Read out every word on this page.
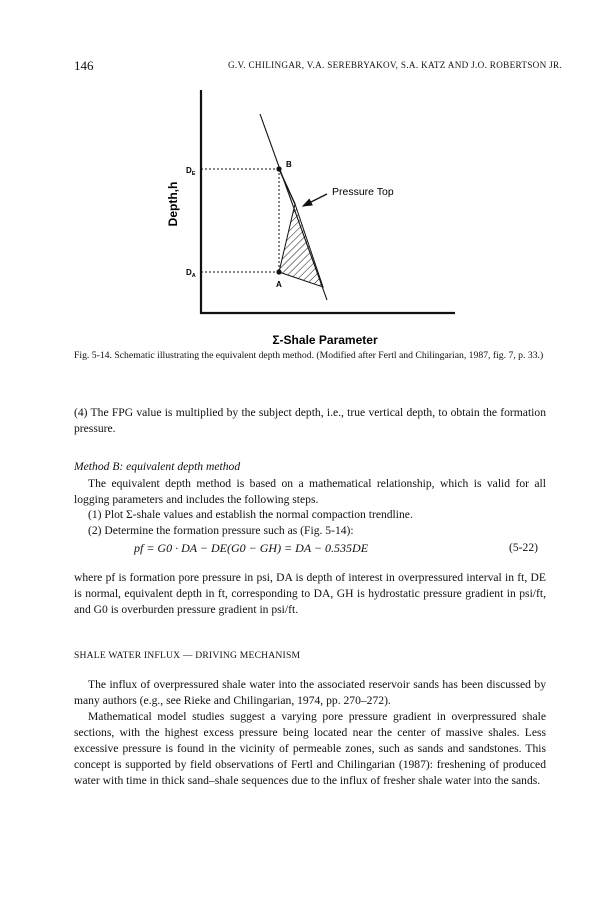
146	G.V. CHILINGAR, V.A. SEREBRYAKOV, S.A. KATZ AND J.O. ROBERTSON JR.
Depth,h
$D_E$
$D_A$
B
A
Pressure Top
Σ-Shale Parameter
Fig. 5-14. Schematic illustrating the equivalent depth method. (Modified after Fertl and Chilingarian, 1987, fig. 7, p. 33.)
(4) The FPG value is multiplied by the subject depth, i.e., true vertical depth, to obtain the formation pressure.
Method B: equivalent depth method
The equivalent depth method is based on a mathematical relationship, which is valid for all logging parameters and includes the following steps.
(1) Plot Σ-shale values and establish the normal compaction trendline.
(2) Determine the formation pressure such as (Fig. 5-14):
pf = G0 · DA − DE(G0 − GH) = DA − 0.535DE	(5-22)
where pf is formation pore pressure in psi, DA is depth of interest in overpressured interval in ft, DE is normal, equivalent depth in ft, corresponding to DA, GH is hydrostatic pressure gradient in psi/ft, and G0 is overburden pressure gradient in psi/ft.
SHALE WATER INFLUX — DRIVING MECHANISM
The influx of overpressured shale water into the associated reservoir sands has been discussed by many authors (e.g., see Rieke and Chilingarian, 1974, pp. 270–272).
Mathematical model studies suggest a varying pore pressure gradient in overpressured shale sections, with the highest excess pressure being located near the center of massive shales. Less excessive pressure is found in the vicinity of permeable zones, such as sands and sandstones. This concept is supported by field observations of Fertl and Chilingarian (1987): freshening of produced water with time in thick sand–shale sequences due to the influx of fresher shale water into the sands.
